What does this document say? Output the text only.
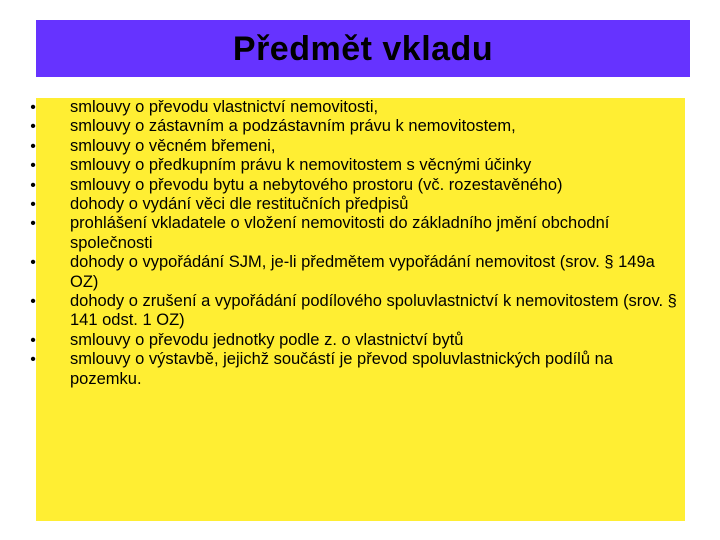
Předmět vkladu
• smlouvy o převodu vlastnictví nemovitosti,
• smlouvy o zástavním a podzástavním právu k nemovitostem,
• smlouvy o věcném břemeni,
• smlouvy o předkupním právu k nemovitostem s věcnými účinky
• smlouvy o převodu bytu a nebytového prostoru (vč. rozestavěného)
• dohody o vydání věci dle restitučních předpisů
• prohlášení vkladatele o vložení nemovitosti do základního jmění obchodní společnosti
• dohody o vypořádání SJM, je-li předmětem vypořádání nemovitost (srov. § 149a OZ)
• dohody o zrušení a vypořádání podílového spoluvlastnictví k nemovitostem (srov. § 141 odst. 1 OZ)
• smlouvy o převodu jednotky podle z. o vlastnictví bytů
• smlouvy o výstavbě, jejichž součástí je převod spoluvlastnických podílů na pozemku.
